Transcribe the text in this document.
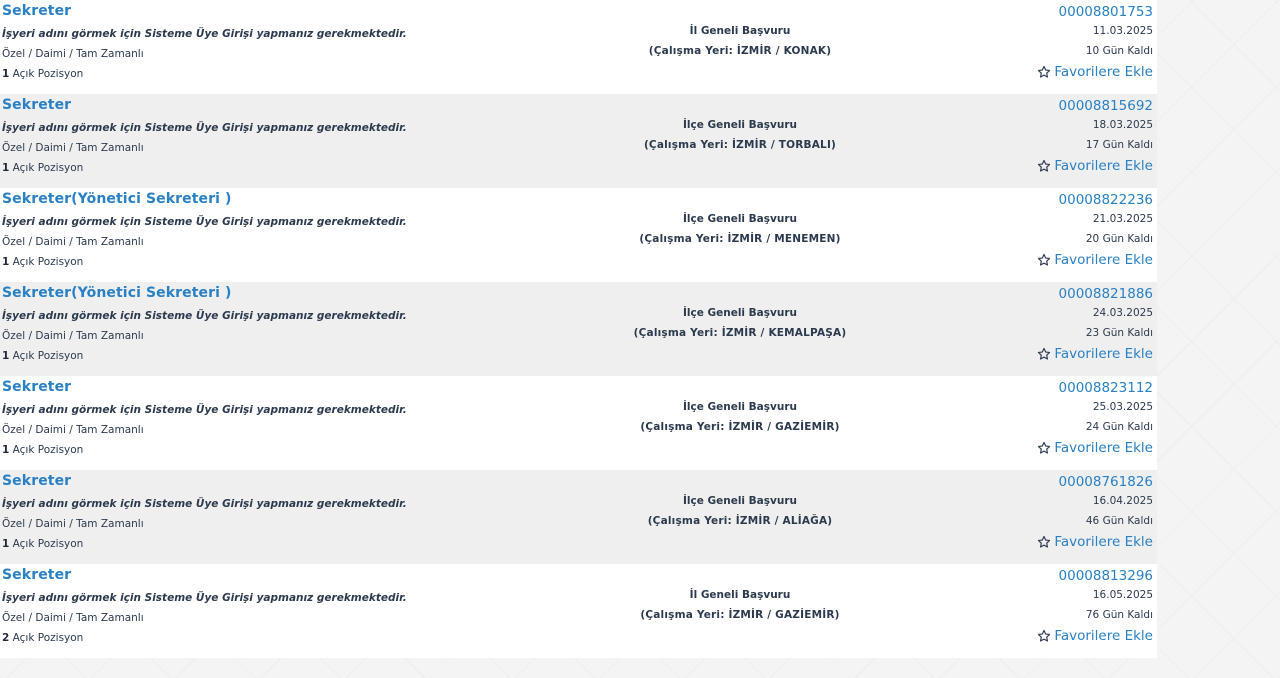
Sekreter
İşyeri adını görmek için Sisteme Üye Girişi yapmanız gerekmektedir.
Özel / Daimi / Tam Zamanlı
1 Açık Pozisyon
İl Geneli Başvuru
(Çalışma Yeri: İZMİR / KONAK)
00008801753
11.03.2025
10 Gün Kaldı
Favorilere Ekle
Sekreter
İşyeri adını görmek için Sisteme Üye Girişi yapmanız gerekmektedir.
Özel / Daimi / Tam Zamanlı
1 Açık Pozisyon
İlçe Geneli Başvuru
(Çalışma Yeri: İZMİR / TORBALI)
00008815692
18.03.2025
17 Gün Kaldı
Favorilere Ekle
Sekreter(Yönetici Sekreteri )
İşyeri adını görmek için Sisteme Üye Girişi yapmanız gerekmektedir.
Özel / Daimi / Tam Zamanlı
1 Açık Pozisyon
İlçe Geneli Başvuru
(Çalışma Yeri: İZMİR / MENEMEN)
00008822236
21.03.2025
20 Gün Kaldı
Favorilere Ekle
Sekreter(Yönetici Sekreteri )
İşyeri adını görmek için Sisteme Üye Girişi yapmanız gerekmektedir.
Özel / Daimi / Tam Zamanlı
1 Açık Pozisyon
İlçe Geneli Başvuru
(Çalışma Yeri: İZMİR / KEMALPAŞA)
00008821886
24.03.2025
23 Gün Kaldı
Favorilere Ekle
Sekreter
İşyeri adını görmek için Sisteme Üye Girişi yapmanız gerekmektedir.
Özel / Daimi / Tam Zamanlı
1 Açık Pozisyon
İlçe Geneli Başvuru
(Çalışma Yeri: İZMİR / GAZİEMİR)
00008823112
25.03.2025
24 Gün Kaldı
Favorilere Ekle
Sekreter
İşyeri adını görmek için Sisteme Üye Girişi yapmanız gerekmektedir.
Özel / Daimi / Tam Zamanlı
1 Açık Pozisyon
İlçe Geneli Başvuru
(Çalışma Yeri: İZMİR / ALİAĞA)
00008761826
16.04.2025
46 Gün Kaldı
Favorilere Ekle
Sekreter
İşyeri adını görmek için Sisteme Üye Girişi yapmanız gerekmektedir.
Özel / Daimi / Tam Zamanlı
2 Açık Pozisyon
İl Geneli Başvuru
(Çalışma Yeri: İZMİR / GAZİEMİR)
00008813296
16.05.2025
76 Gün Kaldı
Favorilere Ekle
